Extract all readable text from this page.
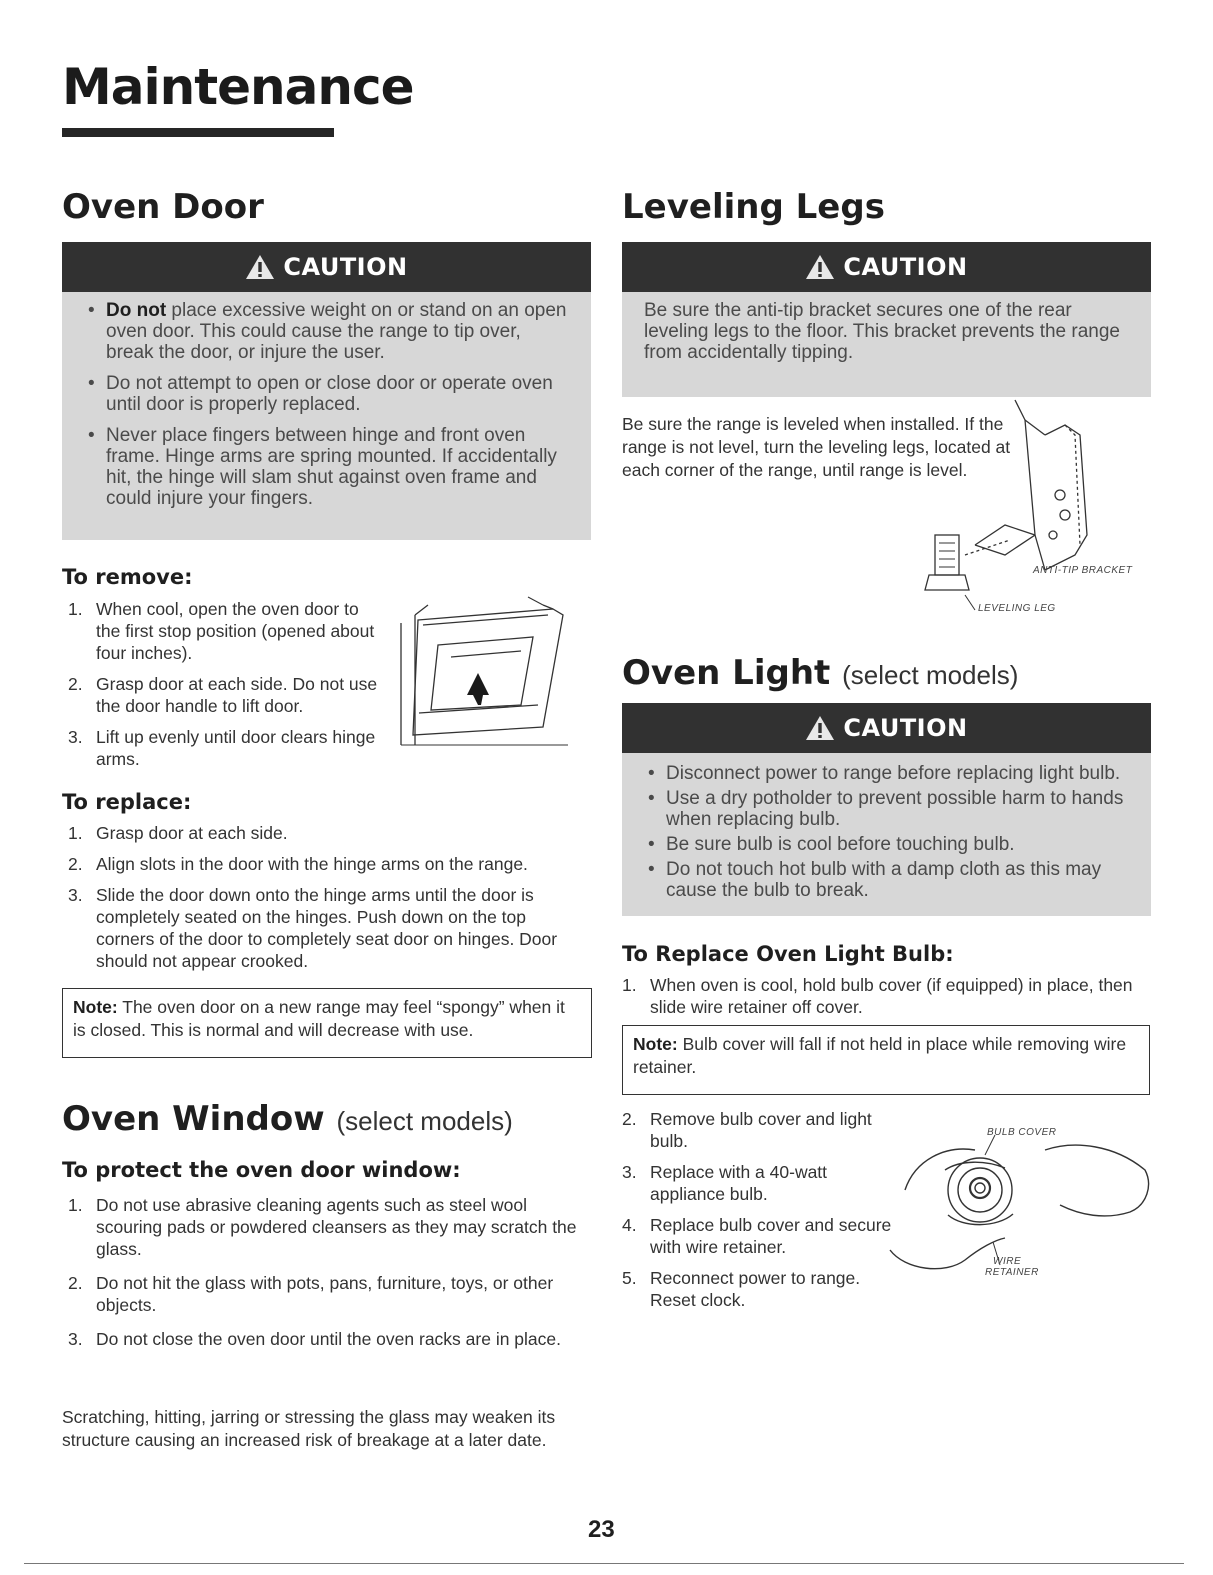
Maintenance
Oven Door
CAUTION
• Do not place excessive weight on or stand on an open oven door. This could cause the range to tip over, break the door, or injure the user.
• Do not attempt to open or close door or operate oven until door is properly replaced.
• Never place fingers between hinge and front oven frame. Hinge arms are spring mounted. If accidentally hit, the hinge will slam shut against oven frame and could injure your fingers.
To remove:
1. When cool, open the oven door to the first stop position (opened about four inches).
2. Grasp door at each side. Do not use the door handle to lift door.
3. Lift up evenly until door clears hinge arms.
To replace:
1. Grasp door at each side.
2. Align slots in the door with the hinge arms on the range.
3. Slide the door down onto the hinge arms until the door is completely seated on the hinges. Push down on the top corners of the door to completely seat door on hinges. Door should not appear crooked.
Note: The oven door on a new range may feel “spongy” when it is closed. This is normal and will decrease with use.
Oven Window (select models)
To protect the oven door window:
1. Do not use abrasive cleaning agents such as steel wool scouring pads or powdered cleansers as they may scratch the glass.
2. Do not hit the glass with pots, pans, furniture, toys, or other objects.
3. Do not close the oven door until the oven racks are in place.

Scratching, hitting, jarring or stressing the glass may weaken its structure causing an increased risk of breakage at a later date.

Leveling Legs
CAUTION

Be sure the anti-tip bracket secures one of the rear leveling legs to the floor. This bracket prevents the range from accidentally tipping.

Be sure the range is leveled when installed. If the range is not level, turn the leveling legs, located at each corner of the range, until range is level.

ANTI-TIP BRACKET
LEVELING LEG
Oven Light (select models)
CAUTION
• Disconnect power to range before replacing light bulb.
• Use a dry potholder to prevent possible harm to hands when replacing bulb.
• Be sure bulb is cool before touching bulb.
• Do not touch hot bulb with a damp cloth as this may cause the bulb to break.
To Replace Oven Light Bulb:
1. When oven is cool, hold bulb cover (if equipped) in place, then slide wire retainer off cover.
Note: Bulb cover will fall if not held in place while removing wire retainer.
2. Remove bulb cover and light bulb.
3. Replace with a 40-watt appliance bulb.
4. Replace bulb cover and secure with wire retainer.
5. Reconnect power to range. Reset clock.
BULB COVER
WIRE
RETAINER
23
